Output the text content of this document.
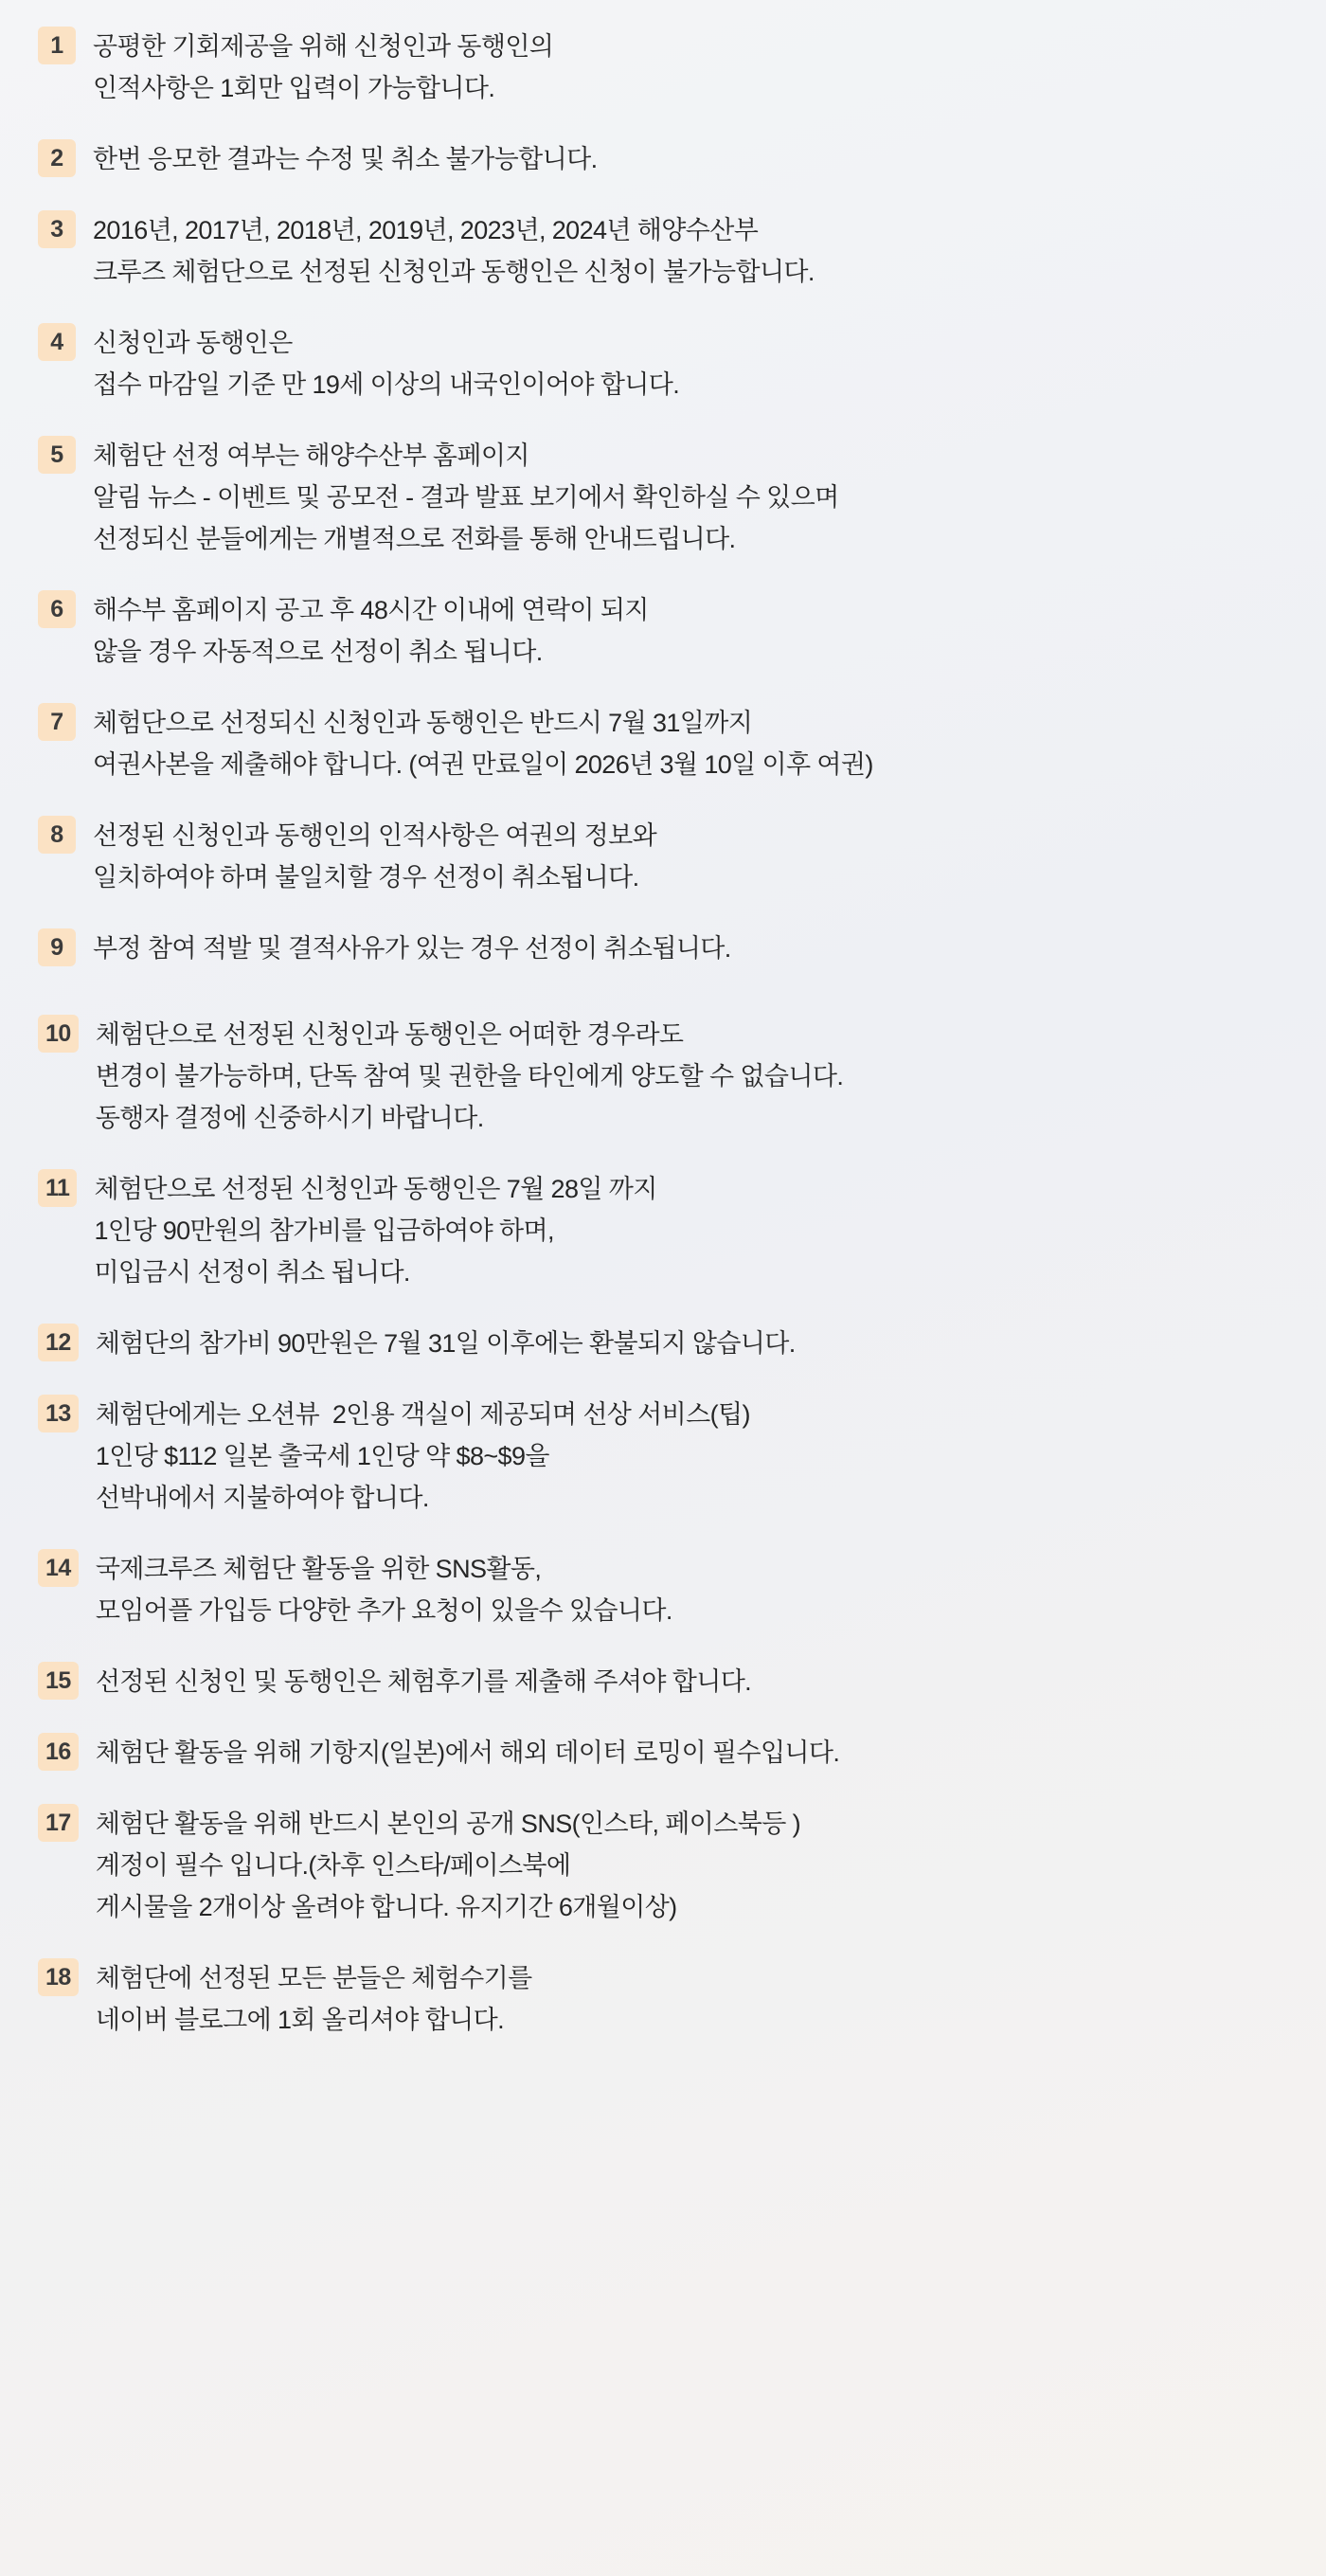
1	공평한 기회제공을 위해 신청인과 동행인의
인적사항은 1회만 입력이 가능합니다.
2	한번 응모한 결과는 수정 및 취소 불가능합니다.
3	2016년, 2017년, 2018년, 2019년, 2023년, 2024년 해양수산부
크루즈 체험단으로 선정된 신청인과 동행인은 신청이 불가능합니다.
4	신청인과 동행인은
접수 마감일 기준 만 19세 이상의 내국인이어야 합니다.
5	체험단 선정 여부는 해양수산부 홈페이지
알림 뉴스 - 이벤트 및 공모전 - 결과 발표 보기에서 확인하실 수 있으며
선정되신 분들에게는 개별적으로 전화를 통해 안내드립니다.
6	해수부 홈페이지 공고 후 48시간 이내에 연락이 되지
않을 경우 자동적으로 선정이 취소 됩니다.
7	체험단으로 선정되신 신청인과 동행인은 반드시 7월 31일까지
여권사본을 제출해야 합니다. (여권 만료일이 2026년 3월 10일 이후 여권)
8	선정된 신청인과 동행인의 인적사항은 여권의 정보와
일치하여야 하며 불일치할 경우 선정이 취소됩니다.
9	부정 참여 적발 및 결적사유가 있는 경우 선정이 취소됩니다.
10 체험단으로 선정된 신청인과 동행인은 어떠한 경우라도
변경이 불가능하며, 단독 참여 및 권한을 타인에게 양도할 수 없습니다.
동행자 결정에 신중하시기 바랍니다.
11 체험단으로 선정된 신청인과 동행인은 7월 28일 까지
1인당 90만원의 참가비를 입금하여야 하며,
미입금시 선정이 취소 됩니다.
12 체험단의 참가비 90만원은 7월 31일 이후에는 환불되지 않습니다.
13 체험단에게는 오션뷰  2인용 객실이 제공되며 선상 서비스(팁)
1인당 $112 일본 출국세 1인당 약 $8~$9을
선박내에서 지불하여야 합니다.
14 국제크루즈 체험단 활동을 위한 SNS활동,
모임어플 가입등 다양한 추가 요청이 있을수 있습니다.
15 선정된 신청인 및 동행인은 체험후기를 제출해 주셔야 합니다.
16 체험단 활동을 위해 기항지(일본)에서 해외 데이터 로밍이 필수입니다.
17 체험단 활동을 위해 반드시 본인의 공개 SNS(인스타, 페이스북등 )
계정이 필수 입니다.(차후 인스타/페이스북에
게시물을 2개이상 올려야 합니다. 유지기간 6개월이상)
18 체험단에 선정된 모든 분들은 체험수기를
네이버 블로그에 1회 올리셔야 합니다.
